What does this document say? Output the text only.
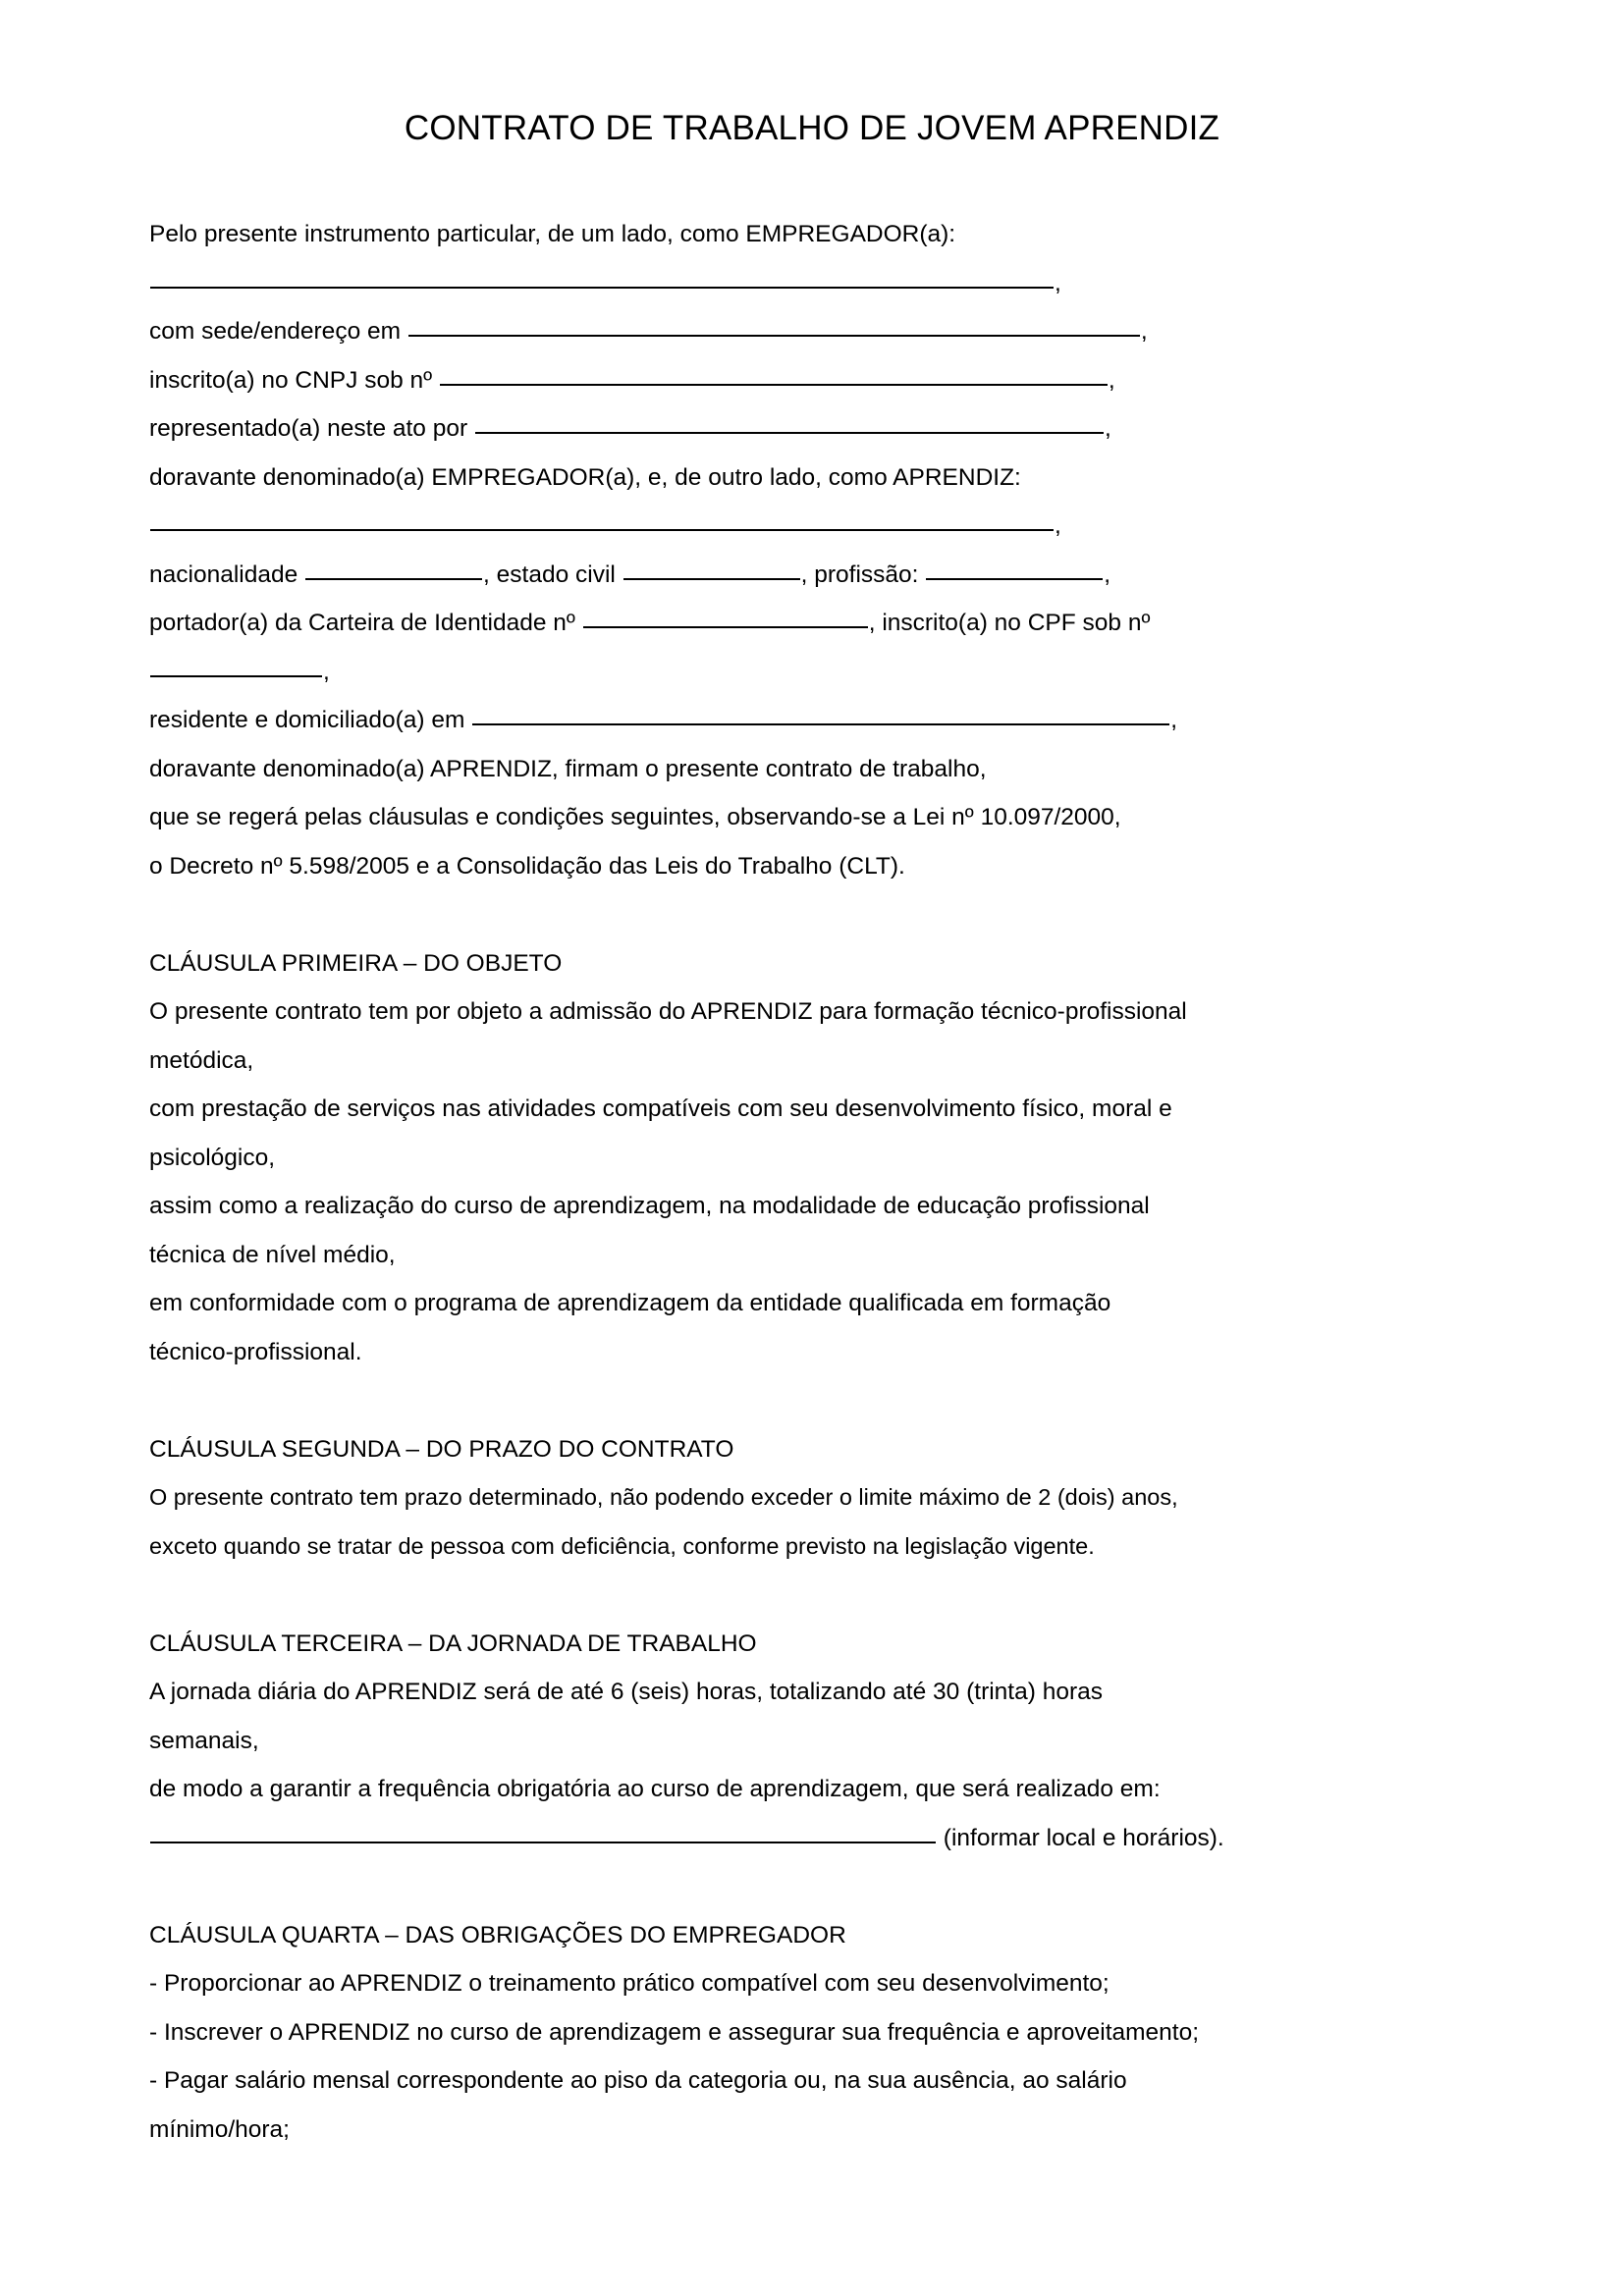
CONTRATO DE TRABALHO DE JOVEM APRENDIZ
Pelo presente instrumento particular, de um lado, como EMPREGADOR(a):
,
com sede/endereço em	,
inscrito(a) no CNPJ sob nº	,
representado(a) neste ato por	,
doravante denominado(a) EMPREGADOR(a), e, de outro lado, como APRENDIZ:
,
nacionalidade	, estado civil	, profissão:	,
portador(a) da Carteira de Identidade nº	, inscrito(a) no CPF sob nº
,
residente e domiciliado(a) em	,
doravante denominado(a) APRENDIZ, firmam o presente contrato de trabalho,
que se regerá pelas cláusulas e condições seguintes, observando-se a Lei nº 10.097/2000,
o Decreto nº 5.598/2005 e a Consolidação das Leis do Trabalho (CLT).
CLÁUSULA PRIMEIRA – DO OBJETO
O presente contrato tem por objeto a admissão do APRENDIZ para formação técnico-profissional
metódica,
com prestação de serviços nas atividades compatíveis com seu desenvolvimento físico, moral e
psicológico,
assim como a realização do curso de aprendizagem, na modalidade de educação profissional
técnica de nível médio,
em conformidade com o programa de aprendizagem da entidade qualificada em formação
técnico-profissional.
CLÁUSULA SEGUNDA – DO PRAZO DO CONTRATO
O presente contrato tem prazo determinado, não podendo exceder o limite máximo de 2 (dois) anos,
exceto quando se tratar de pessoa com deficiência, conforme previsto na legislação vigente.
CLÁUSULA TERCEIRA – DA JORNADA DE TRABALHO
A jornada diária do APRENDIZ será de até 6 (seis) horas, totalizando até 30 (trinta) horas
semanais,
de modo a garantir a frequência obrigatória ao curso de aprendizagem, que será realizado em:
(informar local e horários).
CLÁUSULA QUARTA – DAS OBRIGAÇÕES DO EMPREGADOR
- Proporcionar ao APRENDIZ o treinamento prático compatível com seu desenvolvimento;
- Inscrever o APRENDIZ no curso de aprendizagem e assegurar sua frequência e aproveitamento;
- Pagar salário mensal correspondente ao piso da categoria ou, na sua ausência, ao salário
mínimo/hora;
